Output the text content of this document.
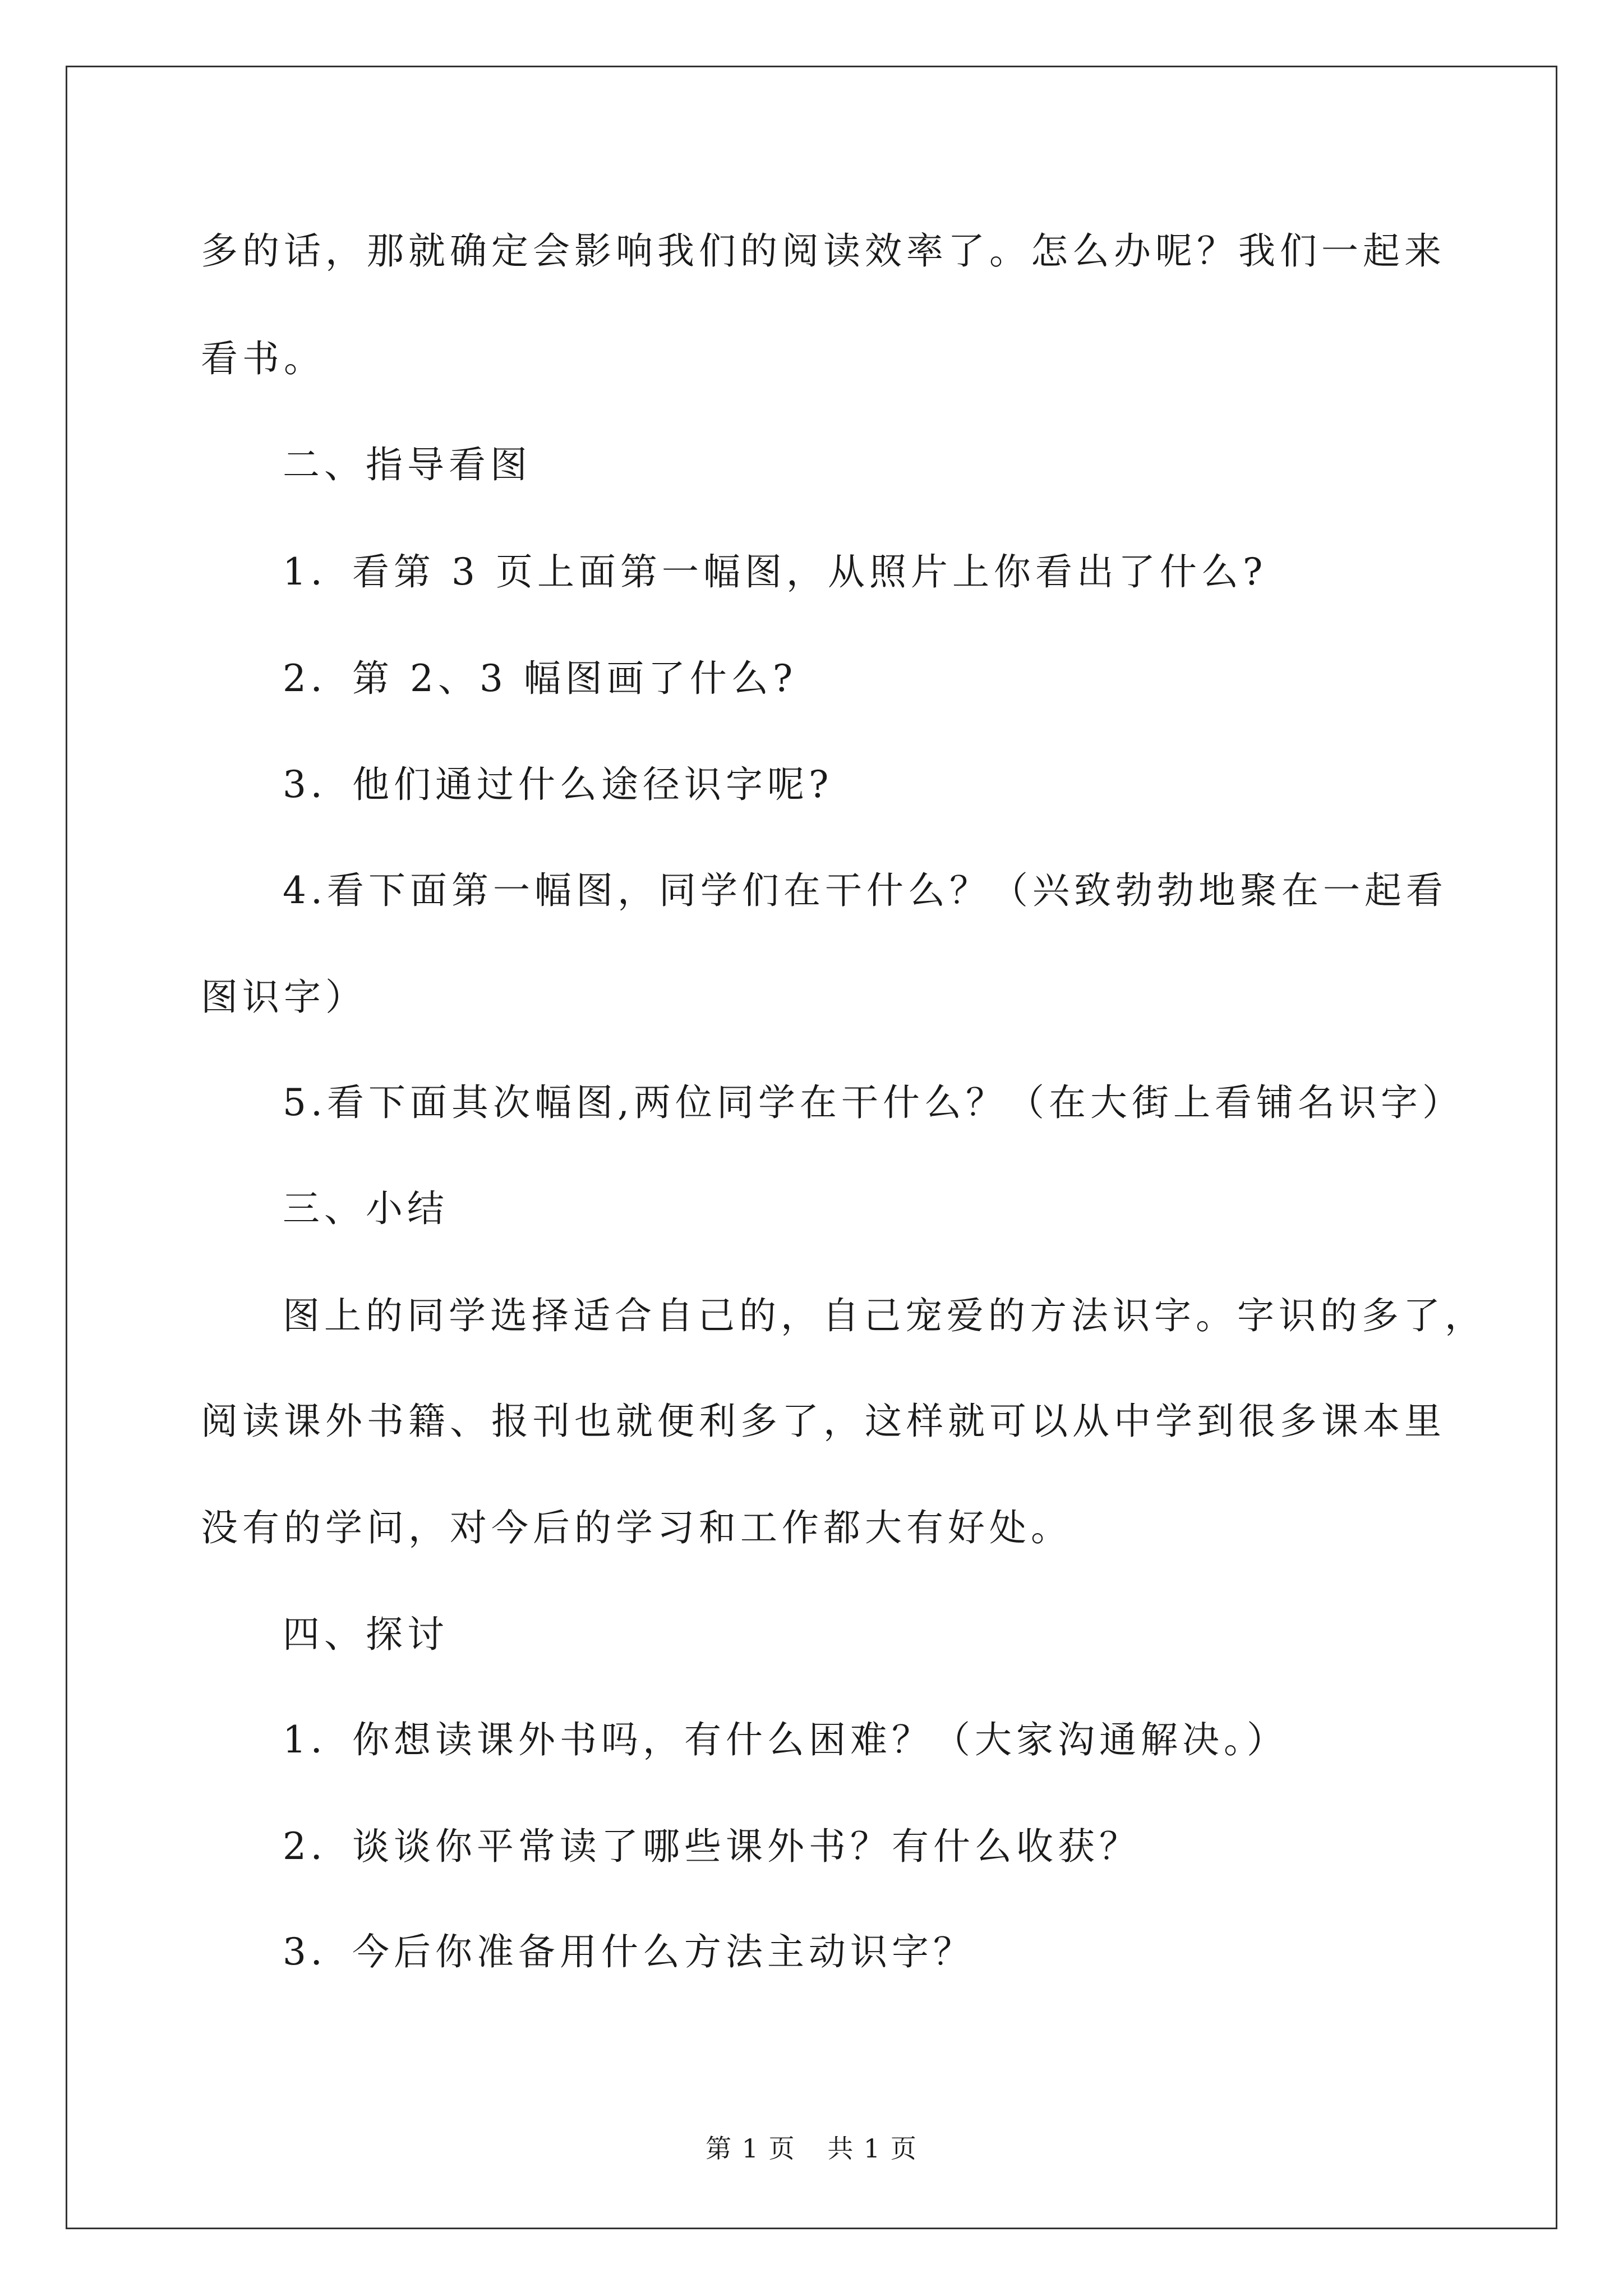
多的话，那就确定会影响我们的阅读效率了。怎么办呢？我们一起来
看书。
二、指导看图
1．看第 3 页上面第一幅图，从照片上你看出了什么?
2．第 2、3 幅图画了什么?
3．他们通过什么途径识字呢?
4.看下面第一幅图，同学们在干什么？（兴致勃勃地聚在一起看
图识字）
5.看下面其次幅图,两位同学在干什么？（在大街上看铺名识字）
三、小结
图上的同学选择适合自己的，自己宠爱的方法识字。字识的多了，
阅读课外书籍、报刊也就便利多了，这样就可以从中学到很多课本里
没有的学问，对今后的学习和工作都大有好处。
四、探讨
1．你想读课外书吗，有什么困难？（大家沟通解决。）
2．谈谈你平常读了哪些课外书？有什么收获？
3．今后你准备用什么方法主动识字？
第 1 页 共 1 页
